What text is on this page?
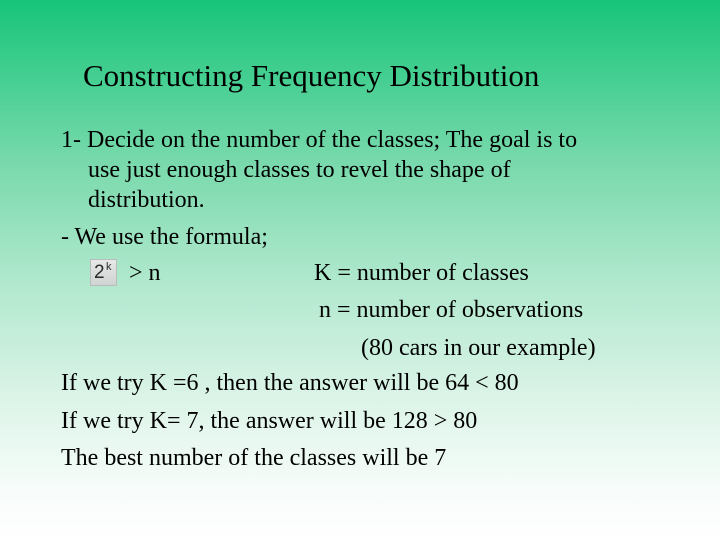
Constructing Frequency Distribution
1- Decide on the number of the classes; The goal is to
use just enough classes to revel the shape of
distribution.
- We use the formula;
2 k > n	K = number of classes
n = number of observations
(80 cars in our example)
If we try K =6 , then the answer will be 64 < 80
If we try K= 7, the answer will be 128 > 80
The best number of the classes will be 7
